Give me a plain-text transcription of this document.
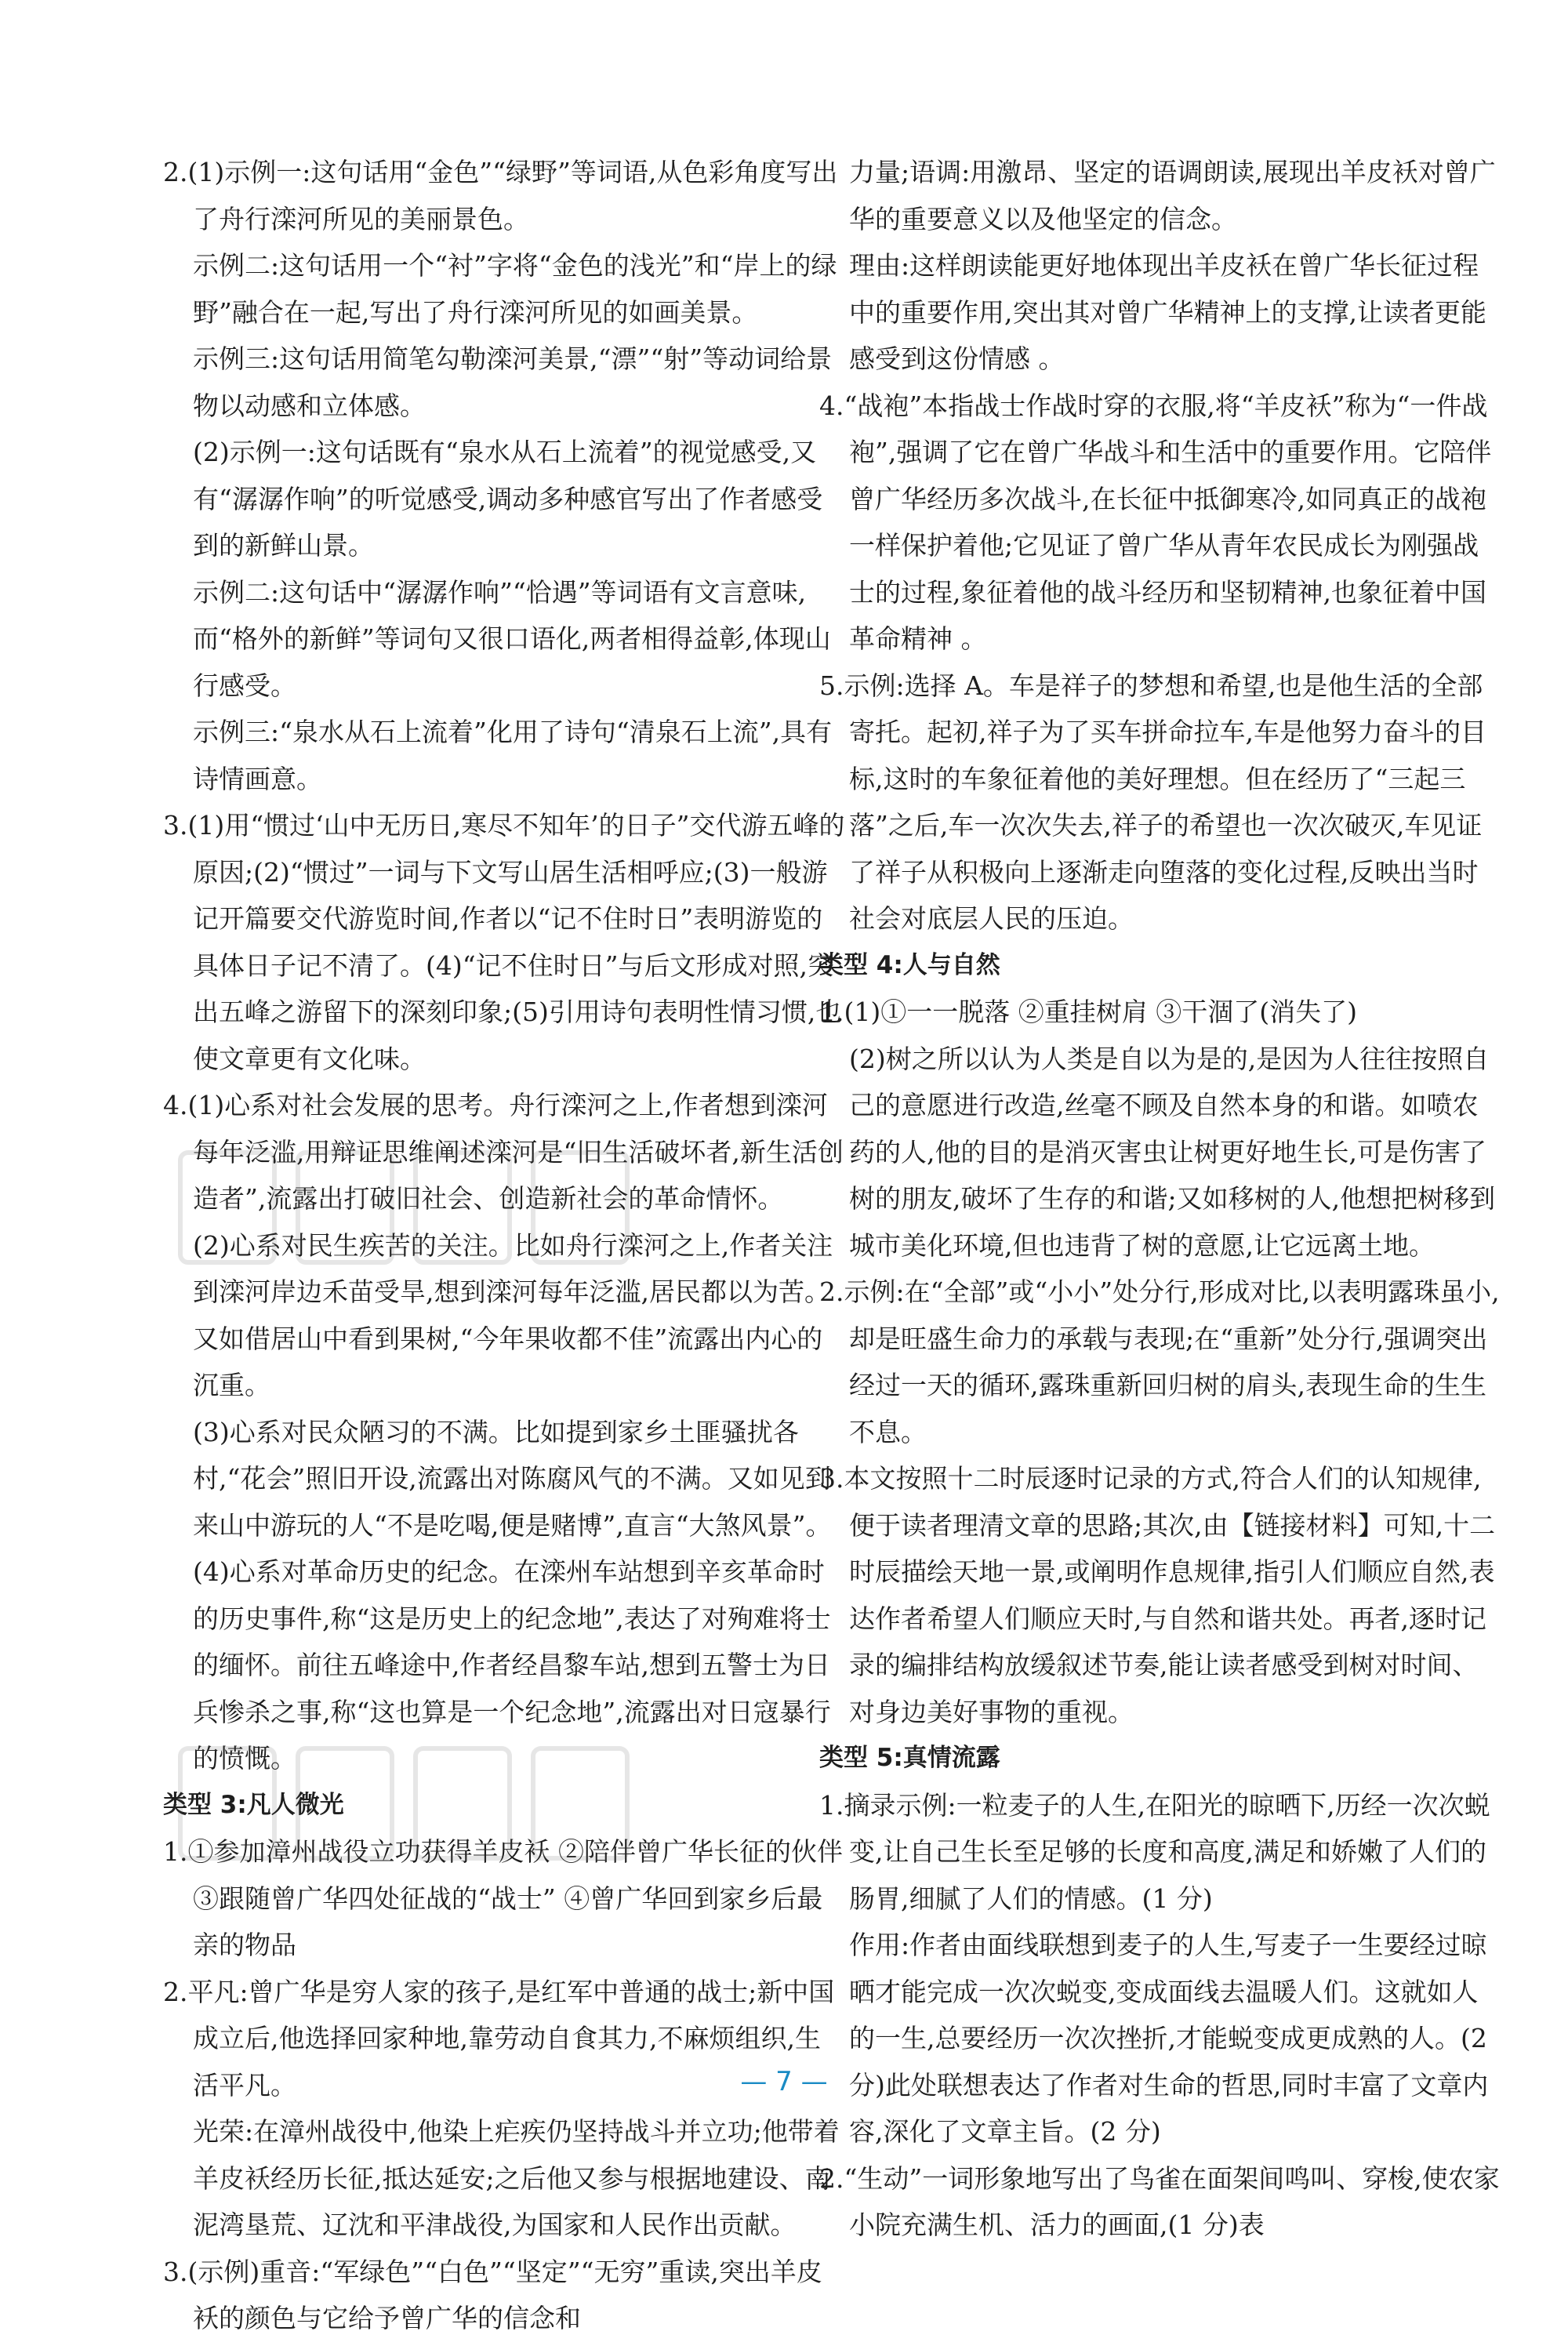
2.(1)示例一:这句话用“金色”“绿野”等词语,从色彩角度写出了舟行滦河所见的美丽景色。

示例二:这句话用一个“衬”字将“金色的浅光”和“岸上的绿野”融合在一起,写出了舟行滦河所见的如画美景。

示例三:这句话用简笔勾勒滦河美景,“漂”“射”等动词给景物以动感和立体感。

(2)示例一:这句话既有“泉水从石上流着”的视觉感受,又有“潺潺作响”的听觉感受,调动多种感官写出了作者感受到的新鲜山景。

示例二:这句话中“潺潺作响”“恰遇”等词语有文言意味,而“格外的新鲜”等词句又很口语化,两者相得益彰,体现山行感受。

示例三:“泉水从石上流着”化用了诗句“清泉石上流”,具有诗情画意。

3.(1)用“惯过‘山中无历日,寒尽不知年’的日子”交代游五峰的原因;(2)“惯过”一词与下文写山居生活相呼应;(3)一般游记开篇要交代游览时间,作者以“记不住时日”表明游览的具体日子记不清了。(4)“记不住时日”与后文形成对照,突出五峰之游留下的深刻印象;(5)引用诗句表明性情习惯,也使文章更有文化味。

4.(1)心系对社会发展的思考。舟行滦河之上,作者想到滦河每年泛滥,用辩证思维阐述滦河是“旧生活破坏者,新生活创造者”,流露出打破旧社会、创造新社会的革命情怀。

(2)心系对民生疾苦的关注。比如舟行滦河之上,作者关注到滦河岸边禾苗受旱,想到滦河每年泛滥,居民都以为苦。又如借居山中看到果树,“今年果收都不佳”流露出内心的沉重。

(3)心系对民众陋习的不满。比如提到家乡土匪骚扰各村,“花会”照旧开设,流露出对陈腐风气的不满。又如见到来山中游玩的人“不是吃喝,便是赌博”,直言“大煞风景”。

(4)心系对革命历史的纪念。在滦州车站想到辛亥革命时的历史事件,称“这是历史上的纪念地”,表达了对殉难将士的缅怀。前往五峰途中,作者经昌黎车站,想到五警士为日兵惨杀之事,称“这也算是一个纪念地”,流露出对日寇暴行的愤慨。

类型 3:凡人微光

1.①参加漳州战役立功获得羊皮袄 ②陪伴曾广华长征的伙伴 ③跟随曾广华四处征战的“战士” ④曾广华回到家乡后最亲的物品

2.平凡:曾广华是穷人家的孩子,是红军中普通的战士;新中国成立后,他选择回家种地,靠劳动自食其力,不麻烦组织,生活平凡。

光荣:在漳州战役中,他染上疟疾仍坚持战斗并立功;他带着羊皮袄经历长征,抵达延安;之后他又参与根据地建设、南泥湾垦荒、辽沈和平津战役,为国家和人民作出贡献。

3.(示例)重音:“军绿色”“白色”“坚定”“无穷”重读,突出羊皮袄的颜色与它给予曾广华的信念和

力量;语调:用激昂、坚定的语调朗读,展现出羊皮袄对曾广华的重要意义以及他坚定的信念。

理由:这样朗读能更好地体现出羊皮袄在曾广华长征过程中的重要作用,突出其对曾广华精神上的支撑,让读者更能感受到这份情感 。

4.“战袍”本指战士作战时穿的衣服,将“羊皮袄”称为“一件战袍”,强调了它在曾广华战斗和生活中的重要作用。它陪伴曾广华经历多次战斗,在长征中抵御寒冷,如同真正的战袍一样保护着他;它见证了曾广华从青年农民成长为刚强战士的过程,象征着他的战斗经历和坚韧精神,也象征着中国革命精神 。

5.示例:选择 A。车是祥子的梦想和希望,也是他生活的全部寄托。起初,祥子为了买车拼命拉车,车是他努力奋斗的目标,这时的车象征着他的美好理想。但在经历了“三起三落”之后,车一次次失去,祥子的希望也一次次破灭,车见证了祥子从积极向上逐渐走向堕落的变化过程,反映出当时社会对底层人民的压迫。

类型 4:人与自然

1.(1)①一一脱落 ②重挂树肩 ③干涸了(消失了)

(2)树之所以认为人类是自以为是的,是因为人往往按照自己的意愿进行改造,丝毫不顾及自然本身的和谐。如喷农药的人,他的目的是消灭害虫让树更好地生长,可是伤害了树的朋友,破坏了生存的和谐;又如移树的人,他想把树移到城市美化环境,但也违背了树的意愿,让它远离土地。

2.示例:在“全部”或“小小”处分行,形成对比,以表明露珠虽小,却是旺盛生命力的承载与表现;在“重新”处分行,强调突出经过一天的循环,露珠重新回归树的肩头,表现生命的生生不息。

3.本文按照十二时辰逐时记录的方式,符合人们的认知规律,便于读者理清文章的思路;其次,由【链接材料】可知,十二时辰描绘天地一景,或阐明作息规律,指引人们顺应自然,表达作者希望人们顺应天时,与自然和谐共处。再者,逐时记录的编排结构放缓叙述节奏,能让读者感受到树对时间、对身边美好事物的重视。

类型 5:真情流露

1.摘录示例:一粒麦子的人生,在阳光的晾晒下,历经一次次蜕变,让自己生长至足够的长度和高度,满足和娇嫩了人们的肠胃,细腻了人们的情感。(1 分)

作用:作者由面线联想到麦子的人生,写麦子一生要经过晾晒才能完成一次次蜕变,变成面线去温暖人们。这就如人的一生,总要经历一次次挫折,才能蜕变成更成熟的人。(2 分)此处联想表达了作者对生命的哲思,同时丰富了文章内容,深化了文章主旨。(2 分)

2.“生动”一词形象地写出了鸟雀在面架间鸣叫、穿梭,使农家小院充满生机、活力的画面,(1 分)表

— 7 —
